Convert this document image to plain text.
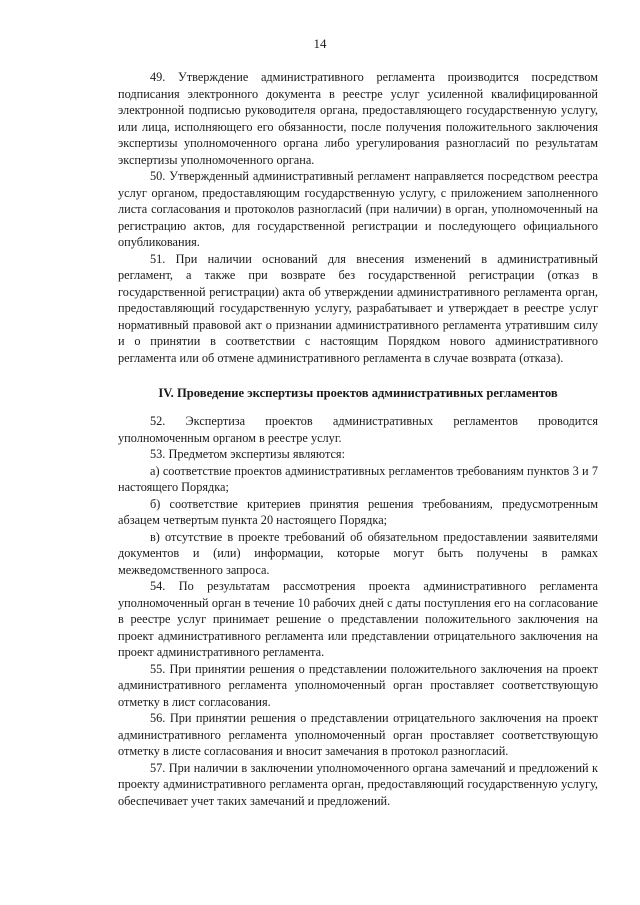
14

49. Утверждение административного регламента производится посредством подписания электронного документа в реестре услуг усиленной квалифицированной электронной подписью руководителя органа, предоставляющего государственную услугу, или лица, исполняющего его обязанности, после получения положительного заключения экспертизы уполномоченного органа либо урегулирования разногласий по результатам экспертизы уполномоченного органа.

50. Утвержденный административный регламент направляется посредством реестра услуг органом, предоставляющим государственную услугу, с приложением заполненного листа согласования и протоколов разногласий (при наличии) в орган, уполномоченный на регистрацию актов, для государственной регистрации и последующего официального опубликования.

51. При наличии оснований для внесения изменений в административный регламент, а также при возврате без государственной регистрации (отказ в государственной регистрации) акта об утверждении административного регламента орган, предоставляющий государственную услугу, разрабатывает и утверждает в реестре услуг нормативный правовой акт о признании административного регламента утратившим силу и о принятии в соответствии с настоящим Порядком нового административного регламента или об отмене административного регламента в случае возврата (отказа).

IV. Проведение экспертизы проектов административных регламентов

52. Экспертиза проектов административных регламентов проводится уполномоченным органом в реестре услуг.

53. Предметом экспертизы являются:

а) соответствие проектов административных регламентов требованиям пунктов 3 и 7 настоящего Порядка;

б) соответствие критериев принятия решения требованиям, предусмотренным абзацем четвертым пункта 20 настоящего Порядка;

в) отсутствие в проекте требований об обязательном предоставлении заявителями документов и (или) информации, которые могут быть получены в рамках межведомственного запроса.

54. По результатам рассмотрения проекта административного регламента уполномоченный орган в течение 10 рабочих дней с даты поступления его на согласование в реестре услуг принимает решение о представлении положительного заключения на проект административного регламента или представлении отрицательного заключения на проект административного регламента.

55. При принятии решения о представлении положительного заключения на проект административного регламента уполномоченный орган проставляет соответствующую отметку в лист согласования.

56. При принятии решения о представлении отрицательного заключения на проект административного регламента уполномоченный орган проставляет соответствующую отметку в листе согласования и вносит замечания в протокол разногласий.

57. При наличии в заключении уполномоченного органа замечаний и предложений к проекту административного регламента орган, предоставляющий государственную услугу, обеспечивает учет таких замечаний и предложений.
